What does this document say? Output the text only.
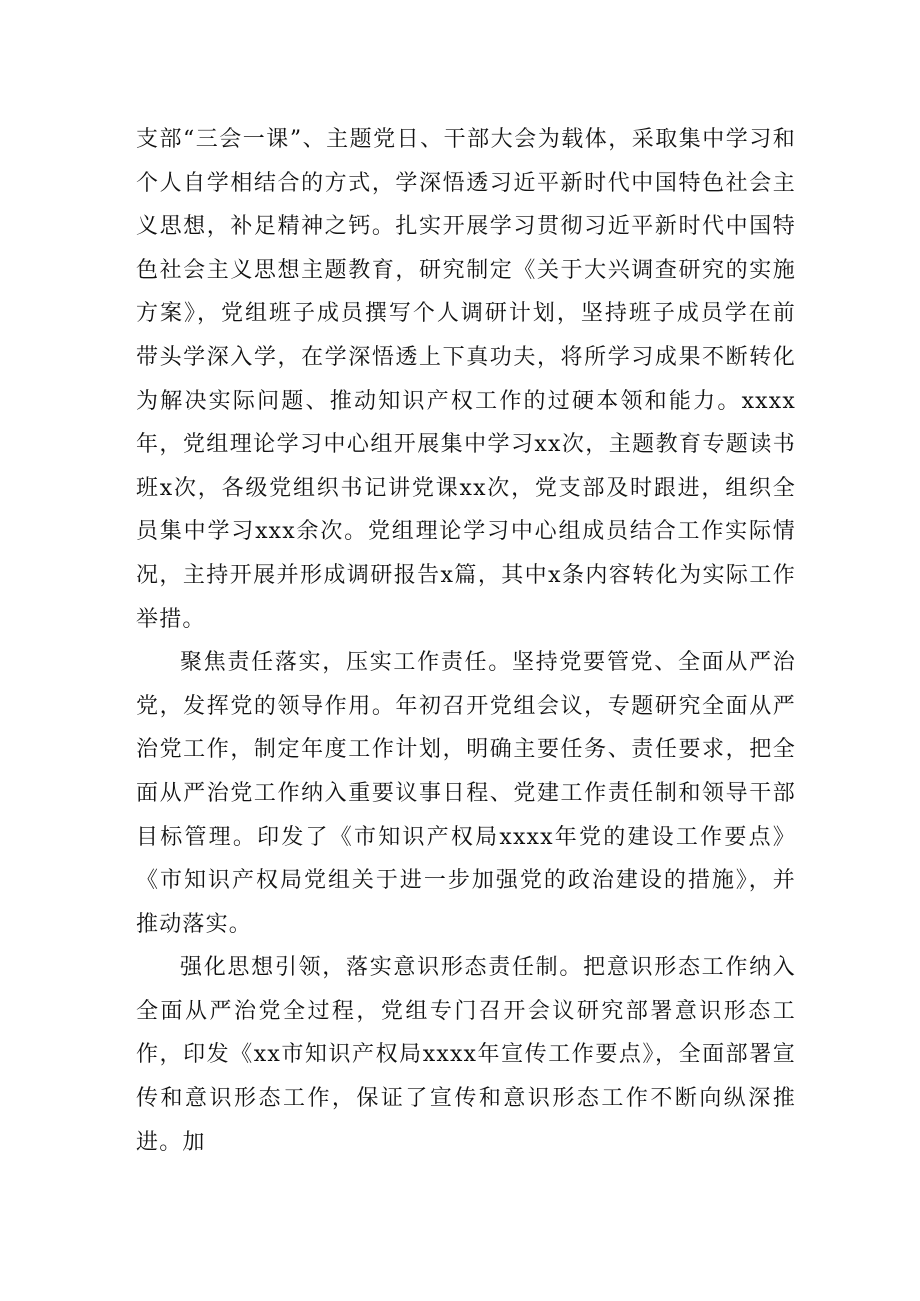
支部“三会一课”、主题党日、干部大会为载体，采取集中学习和个人自学相结合的方式，学深悟透习近平新时代中国特色社会主义思想，补足精神之钙。扎实开展学习贯彻习近平新时代中国特色社会主义思想主题教育，研究制定《关于大兴调查研究的实施方案》，党组班子成员撰写个人调研计划，坚持班子成员学在前带头学深入学，在学深悟透上下真功夫，将所学习成果不断转化为解决实际问题、推动知识产权工作的过硬本领和能力。xxxx年，党组理论学习中心组开展集中学习xx次，主题教育专题读书班x次，各级党组织书记讲党课xx次，党支部及时跟进，组织全员集中学习xxx余次。党组理论学习中心组成员结合工作实际情况，主持开展并形成调研报告x篇，其中x条内容转化为实际工作举措。

聚焦责任落实，压实工作责任。坚持党要管党、全面从严治党，发挥党的领导作用。年初召开党组会议，专题研究全面从严治党工作，制定年度工作计划，明确主要任务、责任要求，把全面从严治党工作纳入重要议事日程、党建工作责任制和领导干部目标管理。印发了《市知识产权局xxxx年党的建设工作要点》《市知识产权局党组关于进一步加强党的政治建设的措施》，并推动落实。

强化思想引领，落实意识形态责任制。把意识形态工作纳入全面从严治党全过程，党组专门召开会议研究部署意识形态工作，印发《xx市知识产权局xxxx年宣传工作要点》，全面部署宣传和意识形态工作，保证了宣传和意识形态工作不断向纵深推进。加
